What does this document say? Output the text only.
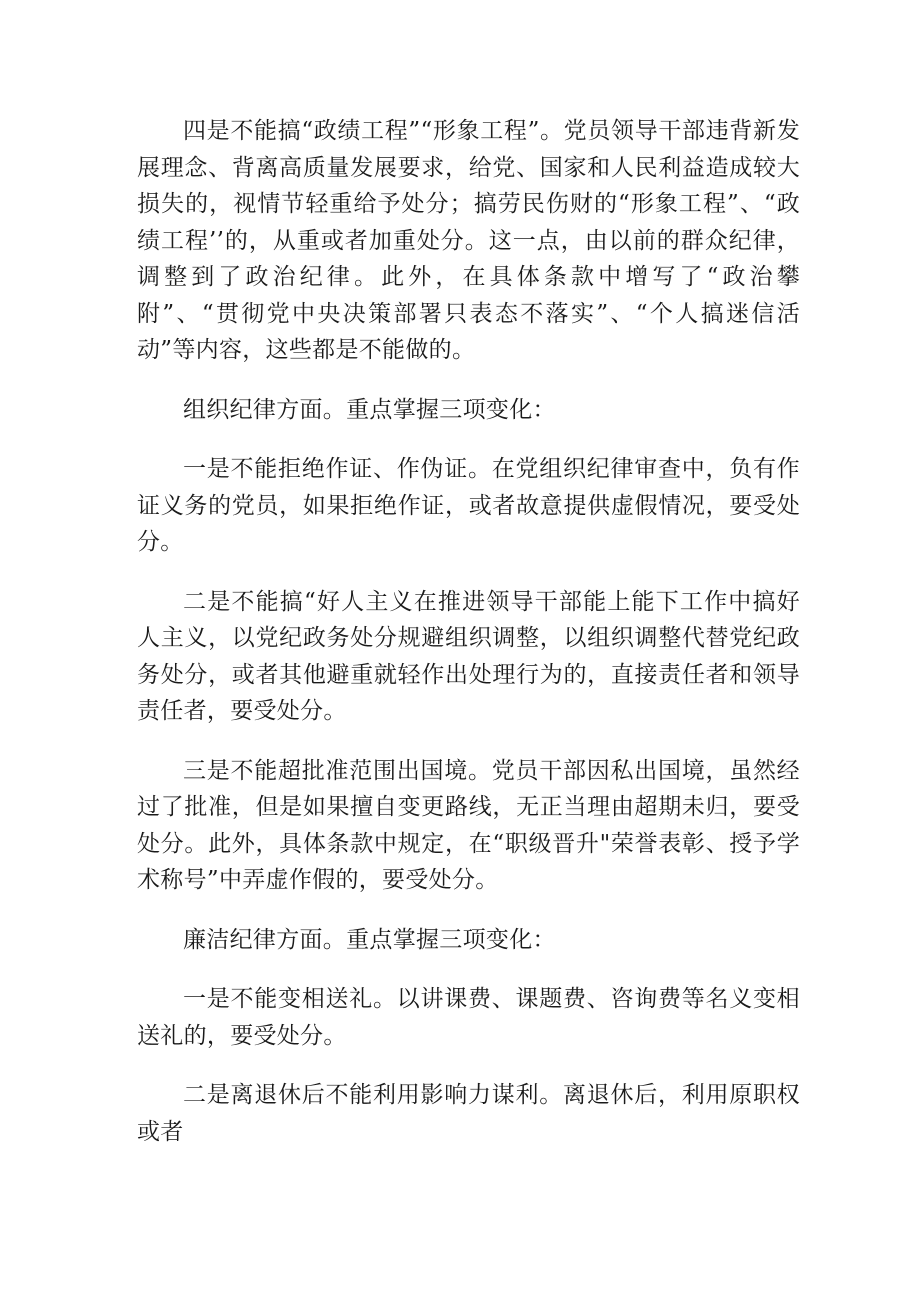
四是不能搞“政绩工程”“形象工程”。党员领导干部违背新发展理念、背离高质量发展要求，给党、国家和人民利益造成较大损失的，视情节轻重给予处分；搞劳民伤财的“形象工程”、“政绩工程’’的，从重或者加重处分。这一点，由以前的群众纪律，调整到了政治纪律。此外，在具体条款中增写了“政治攀附”、“贯彻党中央决策部署只表态不落实”、“个人搞迷信活动”等内容，这些都是不能做的。

组织纪律方面。重点掌握三项变化：

一是不能拒绝作证、作伪证。在党组织纪律审查中，负有作证义务的党员，如果拒绝作证，或者故意提供虚假情况，要受处分。

二是不能搞“好人主义在推进领导干部能上能下工作中搞好人主义，以党纪政务处分规避组织调整，以组织调整代替党纪政务处分，或者其他避重就轻作出处理行为的，直接责任者和领导责任者，要受处分。

三是不能超批准范围出国境。党员干部因私出国境，虽然经过了批准，但是如果擅自变更路线，无正当理由超期未归，要受处分。此外，具体条款中规定，在“职级晋升"荣誉表彰、授予学术称号”中弄虚作假的，要受处分。

廉洁纪律方面。重点掌握三项变化：

一是不能变相送礼。以讲课费、课题费、咨询费等名义变相送礼的，要受处分。

二是离退休后不能利用影响力谋利。离退休后，利用原职权或者
